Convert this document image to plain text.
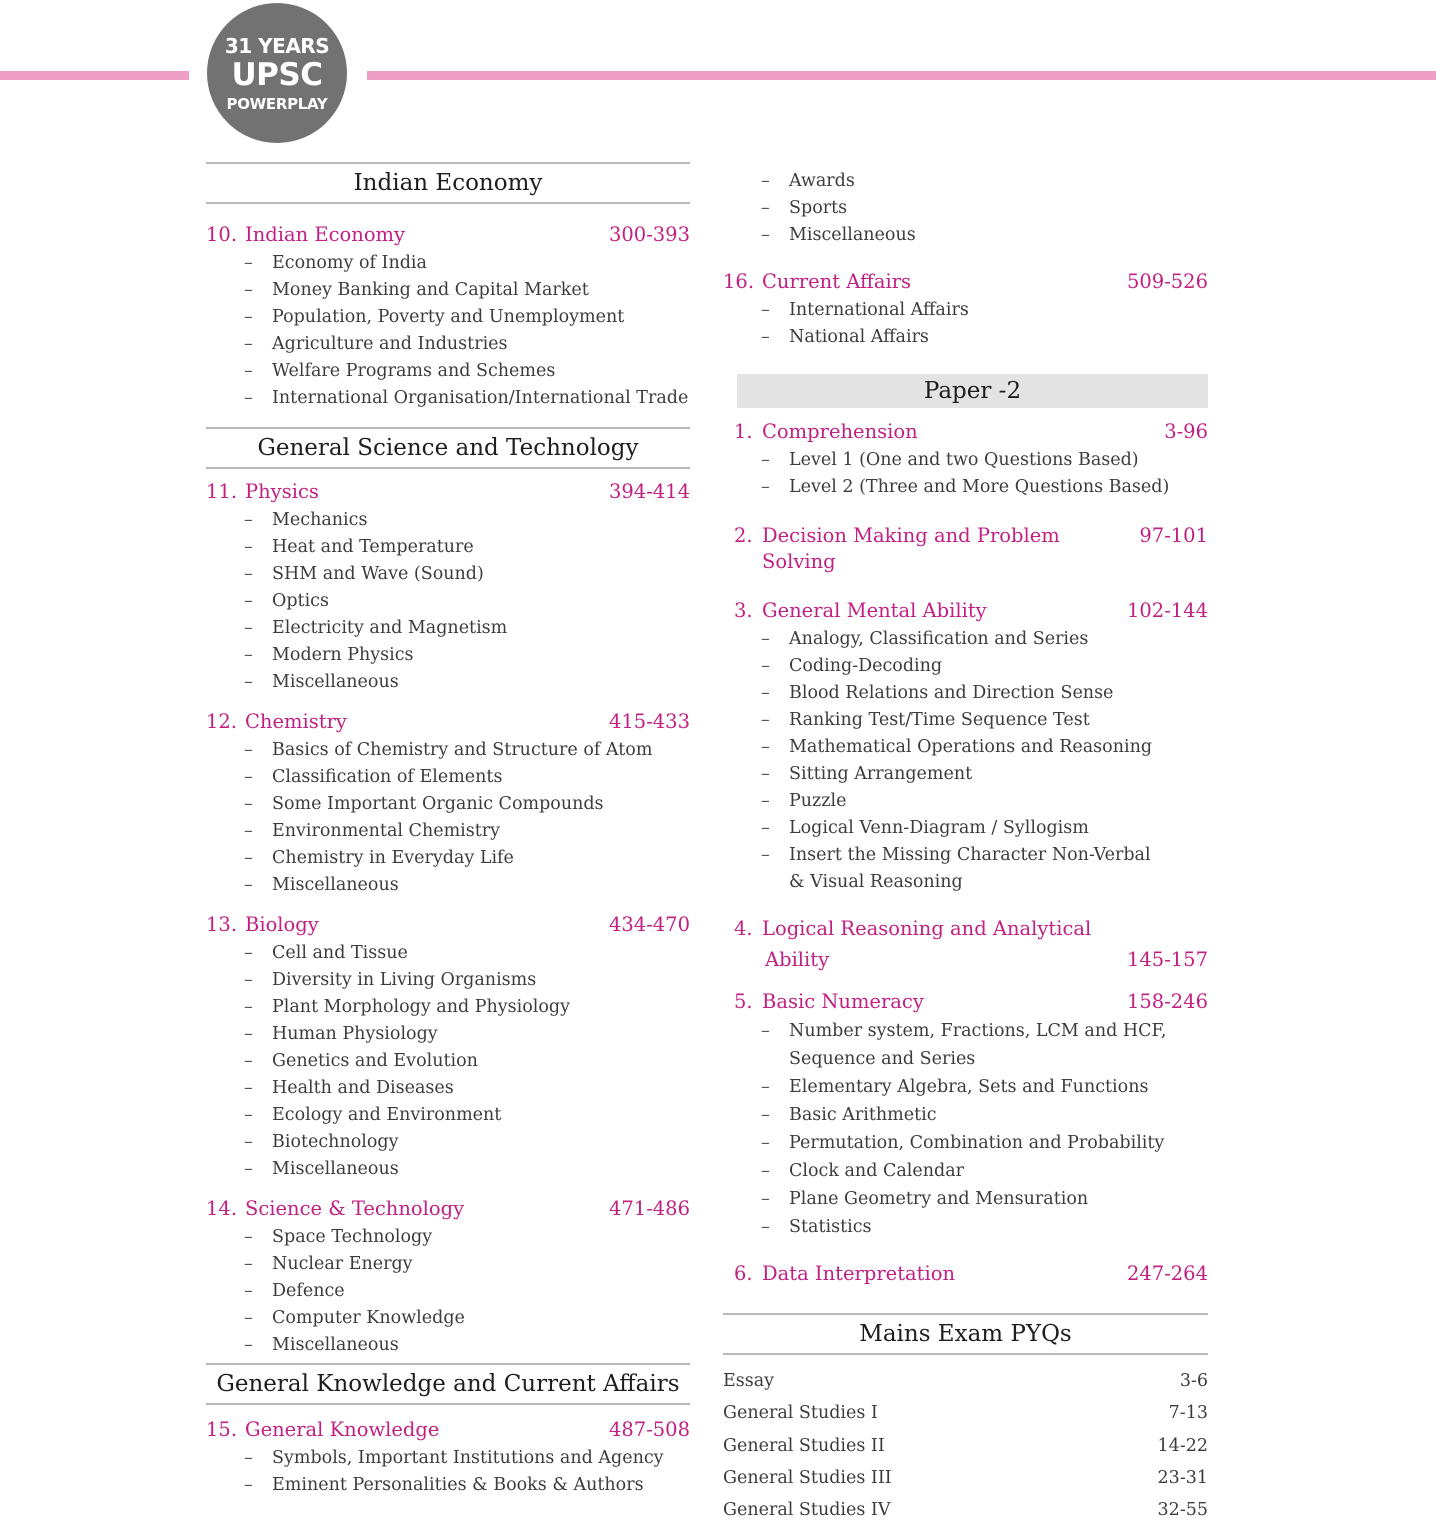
31 YEARS
UPSC
POWERPLAY
Indian Economy
10. Indian Economy	300-393
– Economy of India
– Money Banking and Capital Market
– Population, Poverty and Unemployment
– Agriculture and Industries
– Welfare Programs and Schemes
– International Organisation/International Trade
General Science and Technology
11. Physics	394-414
– Mechanics
– Heat and Temperature
– SHM and Wave (Sound)
– Optics
– Electricity and Magnetism
– Modern Physics
– Miscellaneous
12. Chemistry	415-433
– Basics of Chemistry and Structure of Atom
– Classification of Elements
– Some Important Organic Compounds
– Environmental Chemistry
– Chemistry in Everyday Life
– Miscellaneous
13. Biology	434-470
– Cell and Tissue
– Diversity in Living Organisms
– Plant Morphology and Physiology
– Human Physiology
– Genetics and Evolution
– Health and Diseases
– Ecology and Environment
– Biotechnology
– Miscellaneous
14. Science & Technology	471-486
– Space Technology
– Nuclear Energy
– Defence
– Computer Knowledge
– Miscellaneous
General Knowledge and Current Affairs
15. General Knowledge	487-508
– Symbols, Important Institutions and Agency
– Eminent Personalities & Books & Authors
– Awards
– Sports
– Miscellaneous
16. Current Affairs	509-526
– International Affairs
– National Affairs
Paper -2
1. Comprehension	3-96
– Level 1 (One and two Questions Based)
– Level 2 (Three and More Questions Based)
2. Decision Making and Problem Solving
97-101
3. General Mental Ability	102-144
– Analogy, Classification and Series
– Coding-Decoding
– Blood Relations and Direction Sense
– Ranking Test/Time Sequence Test
– Mathematical Operations and Reasoning
– Sitting Arrangement
– Puzzle
– Logical Venn-Diagram / Syllogism
– Insert the Missing Character Non-Verbal
& Visual Reasoning
4. Logical Reasoning and Analytical
Ability	145-157
5. Basic Numeracy	158-246
– Number system, Fractions, LCM and HCF,
Sequence and Series
– Elementary Algebra, Sets and Functions
– Basic Arithmetic
– Permutation, Combination and Probability
– Clock and Calendar
– Plane Geometry and Mensuration
– Statistics
6. Data Interpretation	247-264
Mains Exam PYQs
Essay	3-6
General Studies I	7-13
General Studies II	14-22
General Studies III	23-31
General Studies IV	32-55
